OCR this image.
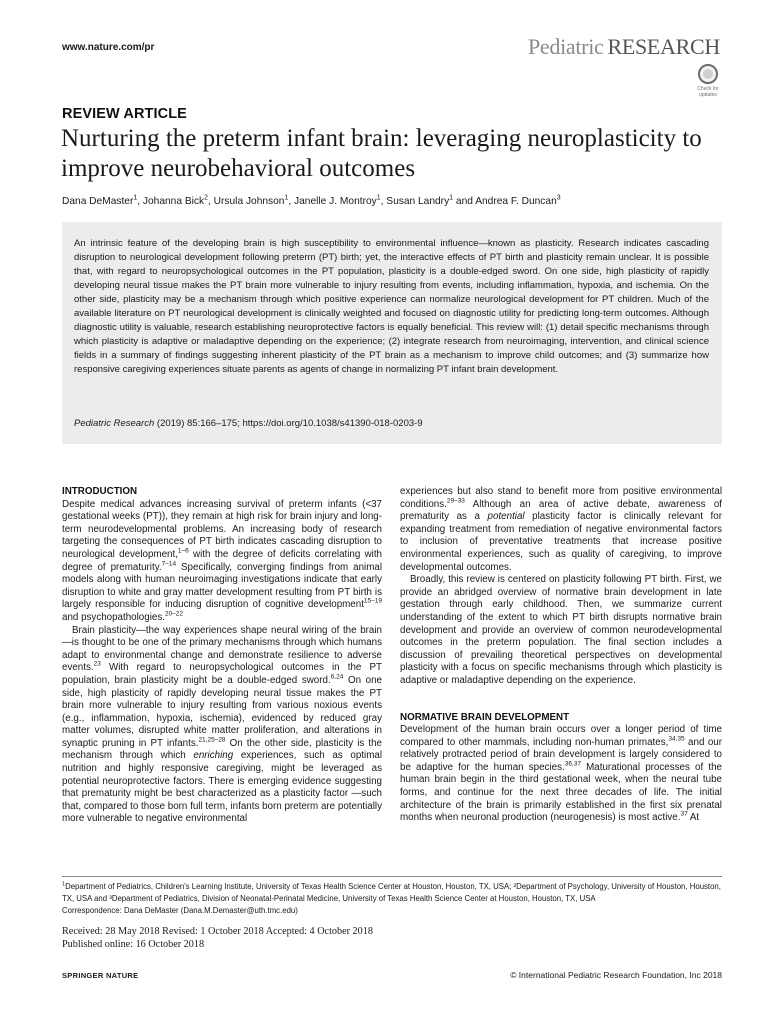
www.nature.com/pr	Pediatric RESEARCH
Check for updates
REVIEW ARTICLE
Nurturing the preterm infant brain: leveraging neuroplasticity to improve neurobehavioral outcomes
Dana DeMaster$^1$, Johanna Bick$^2$, Ursula Johnson$^1$, Janelle J. Montroy$^1$, Susan Landry$^1$ and Andrea F. Duncan$^3$
An intrinsic feature of the developing brain is high susceptibility to environmental influence—known as plasticity. Research indicates cascading disruption to neurological development following preterm (PT) birth; yet, the interactive effects of PT birth and plasticity remain unclear. It is possible that, with regard to neuropsychological outcomes in the PT population, plasticity is a double-edged sword. On one side, high plasticity of rapidly developing neural tissue makes the PT brain more vulnerable to injury resulting from events, including inflammation, hypoxia, and ischemia. On the other side, plasticity may be a mechanism through which positive experience can normalize neurological development for PT children. Much of the available literature on PT neurological development is clinically weighted and focused on diagnostic utility for predicting long-term outcomes. Although diagnostic utility is valuable, research establishing neuroprotective factors is equally beneficial. This review will: (1) detail specific mechanisms through which plasticity is adaptive or maladaptive depending on the experience; (2) integrate research from neuroimaging, intervention, and clinical science fields in a summary of findings suggesting inherent plasticity of the PT brain as a mechanism to improve child outcomes; and (3) summarize how responsive caregiving experiences situate parents as agents of change in normalizing PT infant brain development.
Pediatric Research (2019) 85:166–175; https://doi.org/10.1038/s41390-018-0203-9
INTRODUCTION

Despite medical advances increasing survival of preterm infants (<37 gestational weeks (PT)), they remain at high risk for brain injury and long-term neurodevelopmental problems. An increasing body of research targeting the consequences of PT birth indicates cascading disruption to neurological development,$^{1-6}$ with the degree of deficits correlating with degree of prematurity.$^{7-14}$ Specifically, converging findings from animal models along with human neuroimaging investigations indicate that early disruption to white and gray matter development resulting from PT birth is largely responsible for inducing disruption of cognitive development$^{15-19}$ and psychopathologies.$^{20-22}$

Brain plasticity—the way experiences shape neural wiring of the brain—is thought to be one of the primary mechanisms through which humans adapt to environmental change and demonstrate resilience to adverse events.$^{23}$ With regard to neuropsychological outcomes in the PT population, brain plasticity might be a double-edged sword.$^{6,24}$ On one side, high plasticity of rapidly developing neural tissue makes the PT brain more vulnerable to injury resulting from various noxious events (e.g., inflammation, hypoxia, ischemia), evidenced by reduced gray matter volumes, disrupted white matter proliferation, and alterations in synaptic pruning in PT infants.$^{21,25-28}$ On the other side, plasticity is the mechanism through which enriching experiences, such as optimal nutrition and highly responsive caregiving, might be leveraged as potential neuroprotective factors. There is emerging evidence suggesting that prematurity might be best characterized as a plasticity factor —such that, compared to those born full term, infants born preterm are potentially more vulnerable to negative environmental

experiences but also stand to benefit more from positive environmental conditions.$^{29-33}$ Although an area of active debate, awareness of prematurity as a potential plasticity factor is clinically relevant for expanding treatment from remediation of negative environmental factors to inclusion of preventative treatments that increase positive environmental experiences, such as quality of caregiving, to improve developmental outcomes.

Broadly, this review is centered on plasticity following PT birth. First, we provide an abridged overview of normative brain development in late gestation through early childhood. Then, we summarize current understanding of the extent to which PT birth disrupts normative brain development and provide an overview of common neurodevelopmental outcomes in the preterm population. The final section includes a discussion of prevailing theoretical perspectives on developmental plasticity with a focus on specific mechanisms through which plasticity is adaptive or maladaptive depending on the experience.

NORMATIVE BRAIN DEVELOPMENT

Development of the human brain occurs over a longer period of time compared to other mammals, including non-human primates,$^{34,35}$ and our relatively protracted period of brain development is largely considered to be adaptive for the human species.$^{36,37}$ Maturational processes of the human brain begin in the third gestational week, when the neural tube forms, and continue for the next three decades of life. The initial architecture of the brain is primarily established in the first six prenatal months when neuronal production (neurogenesis) is most active.$^{37}$ At

$^1$Department of Pediatrics, Children's Learning Institute, University of Texas Health Science Center at Houston, Houston, TX, USA; ²Department of Psychology, University of Houston, Houston, TX, USA and ³Department of Pediatrics, Division of Neonatal-Perinatal Medicine, University of Texas Health Science Center at Houston, Houston, TX, USA
Correspondence: Dana DeMaster (Dana.M.Demaster@uth.tmc.edu)
Received: 28 May 2018 Revised: 1 October 2018 Accepted: 4 October 2018
Published online: 16 October 2018
SPRINGER NATURE	© International Pediatric Research Foundation, Inc 2018
